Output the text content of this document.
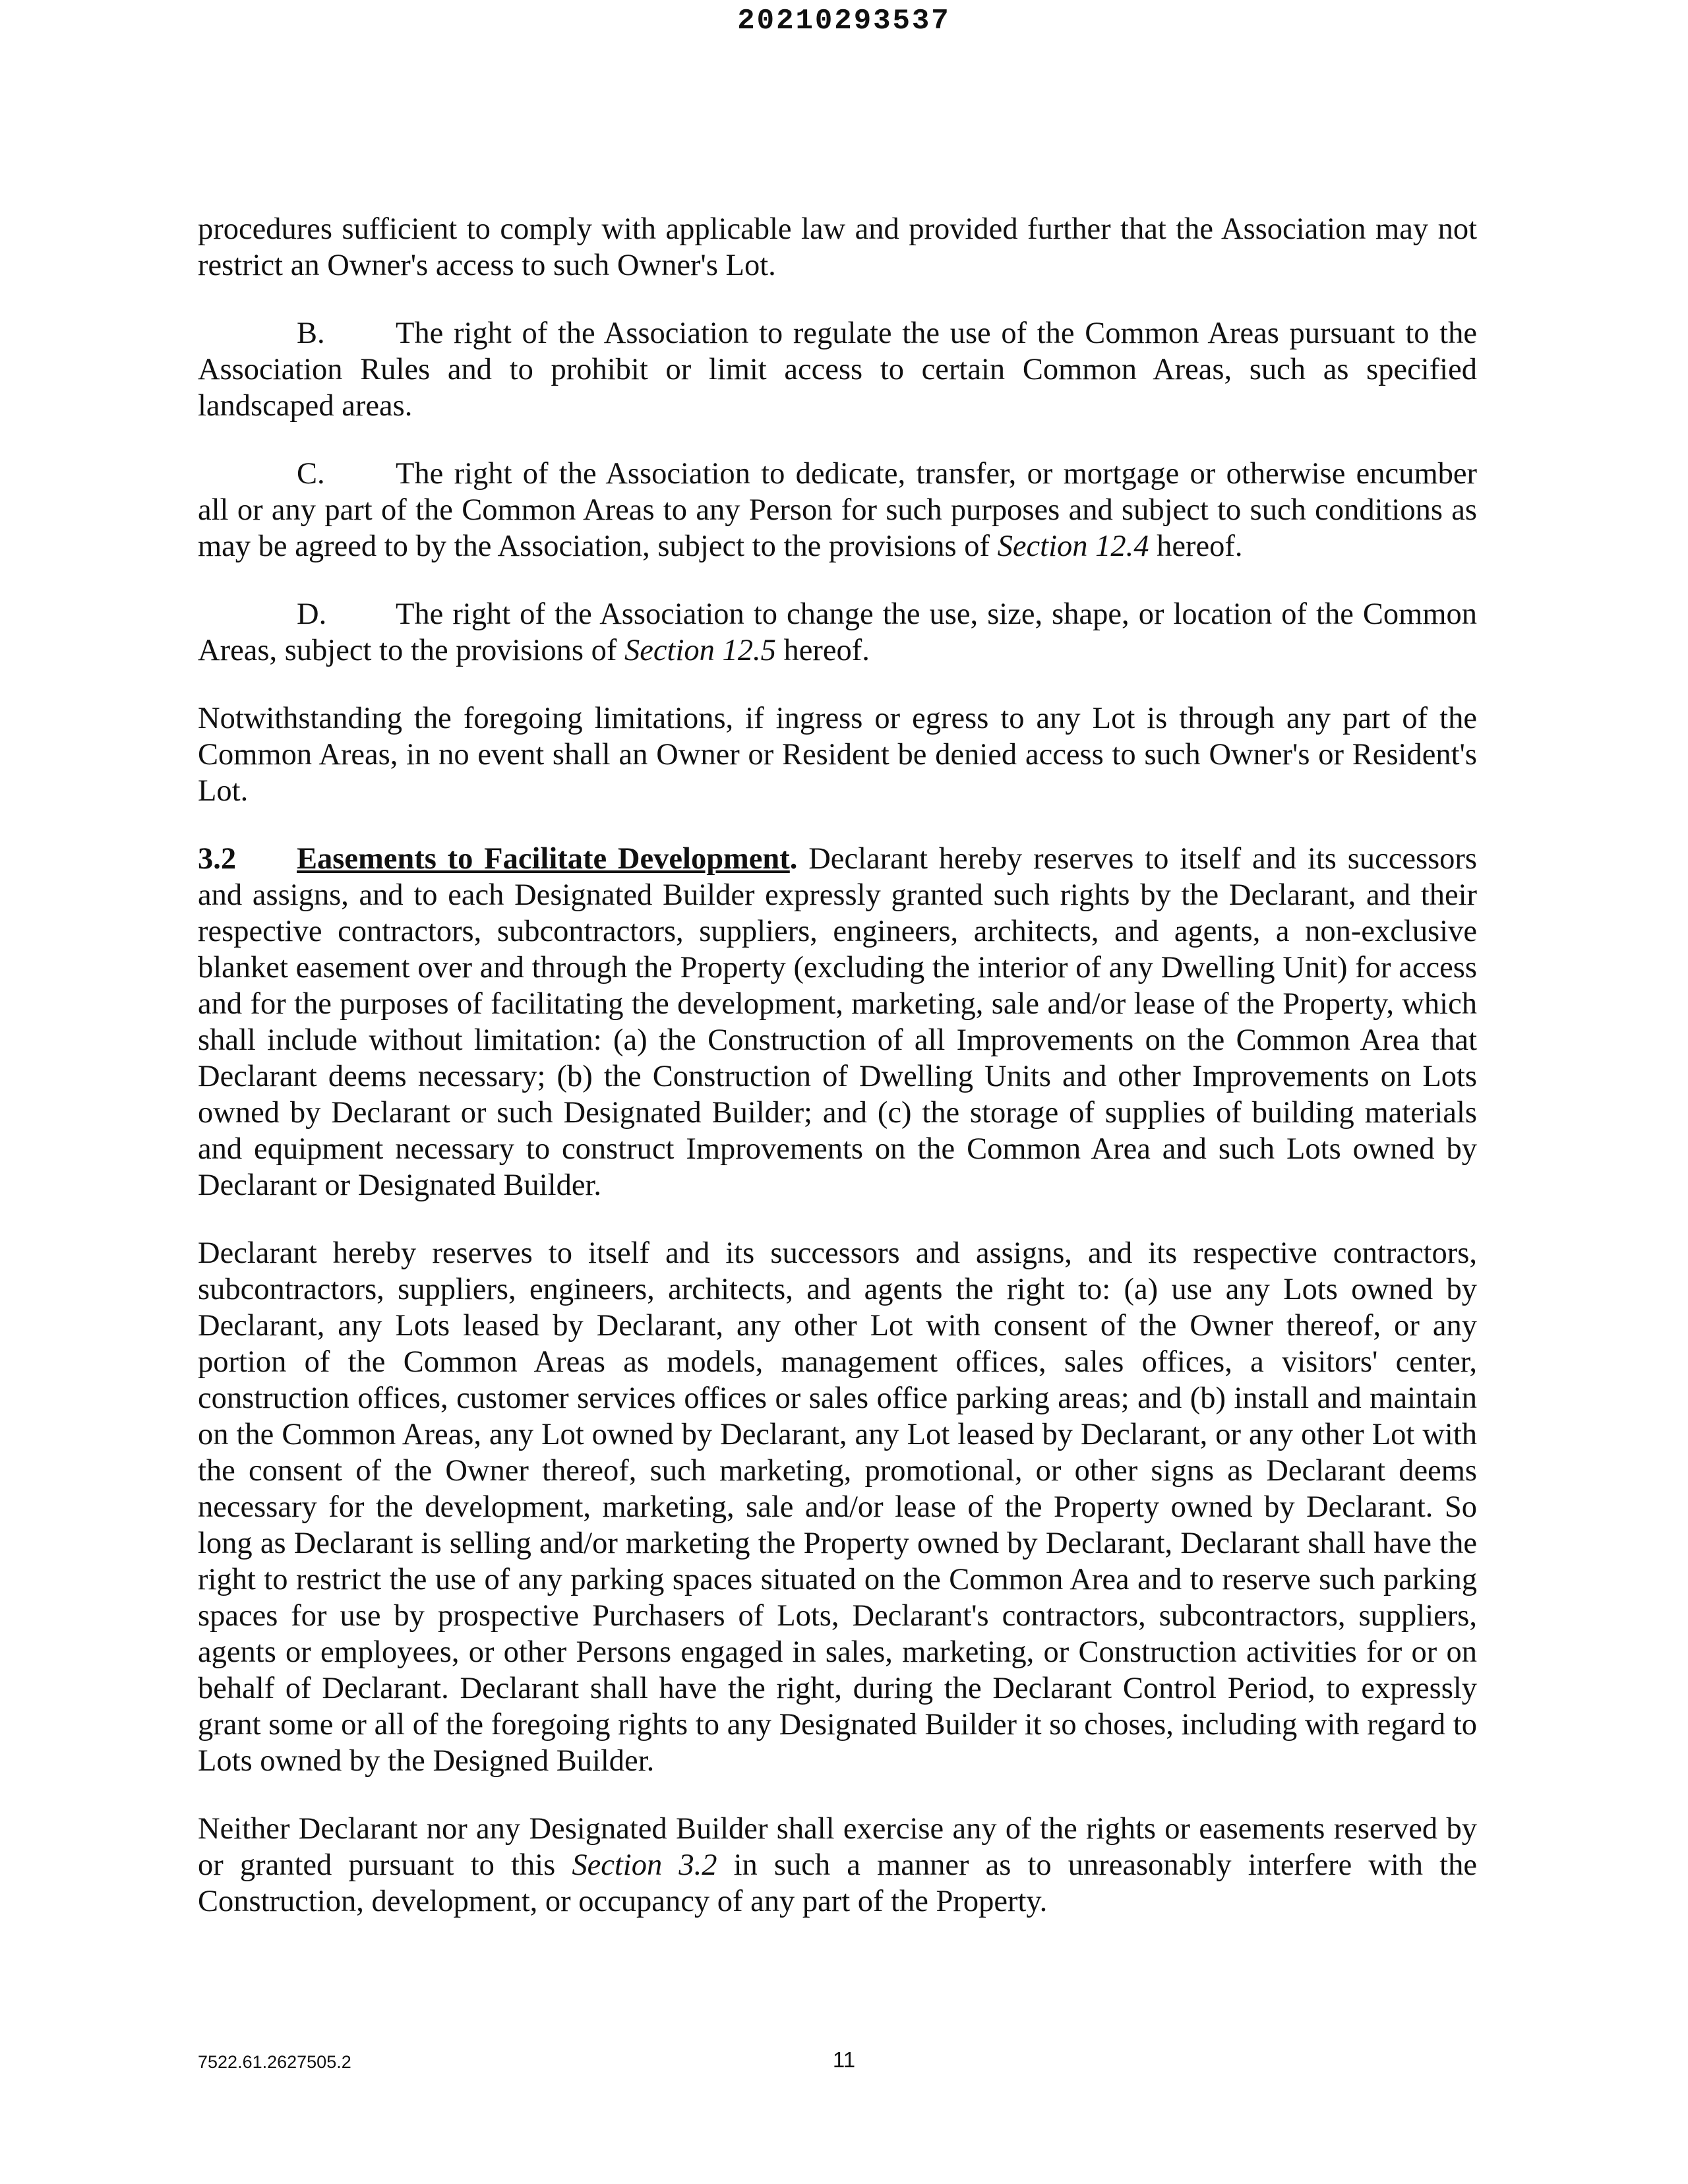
20210293537

procedures sufficient to comply with applicable law and provided further that the Association may not restrict an Owner's access to such Owner's Lot.

B. The right of the Association to regulate the use of the Common Areas pursuant to the Association Rules and to prohibit or limit access to certain Common Areas, such as specified landscaped areas.

C. The right of the Association to dedicate, transfer, or mortgage or otherwise encumber all or any part of the Common Areas to any Person for such purposes and subject to such conditions as may be agreed to by the Association, subject to the provisions of Section 12.4 hereof.

D. The right of the Association to change the use, size, shape, or location of the Common Areas, subject to the provisions of Section 12.5 hereof.

Notwithstanding the foregoing limitations, if ingress or egress to any Lot is through any part of the Common Areas, in no event shall an Owner or Resident be denied access to such Owner's or Resident's Lot.

3.2 Easements to Facilitate Development. Declarant hereby reserves to itself and its successors and assigns, and to each Designated Builder expressly granted such rights by the Declarant, and their respective contractors, subcontractors, suppliers, engineers, architects, and agents, a non-exclusive blanket easement over and through the Property (excluding the interior of any Dwelling Unit) for access and for the purposes of facilitating the development, marketing, sale and/or lease of the Property, which shall include without limitation: (a) the Construction of all Improvements on the Common Area that Declarant deems necessary; (b) the Construction of Dwelling Units and other Improvements on Lots owned by Declarant or such Designated Builder; and (c) the storage of supplies of building materials and equipment necessary to construct Improvements on the Common Area and such Lots owned by Declarant or Designated Builder.

Declarant hereby reserves to itself and its successors and assigns, and its respective contractors, subcontractors, suppliers, engineers, architects, and agents the right to: (a) use any Lots owned by Declarant, any Lots leased by Declarant, any other Lot with consent of the Owner thereof, or any portion of the Common Areas as models, management offices, sales offices, a visitors' center, construction offices, customer services offices or sales office parking areas; and (b) install and maintain on the Common Areas, any Lot owned by Declarant, any Lot leased by Declarant, or any other Lot with the consent of the Owner thereof, such marketing, promotional, or other signs as Declarant deems necessary for the development, marketing, sale and/or lease of the Property owned by Declarant. So long as Declarant is selling and/or marketing the Property owned by Declarant, Declarant shall have the right to restrict the use of any parking spaces situated on the Common Area and to reserve such parking spaces for use by prospective Purchasers of Lots, Declarant's contractors, subcontractors, suppliers, agents or employees, or other Persons engaged in sales, marketing, or Construction activities for or on behalf of Declarant. Declarant shall have the right, during the Declarant Control Period, to expressly grant some or all of the foregoing rights to any Designated Builder it so choses, including with regard to Lots owned by the Designed Builder.

Neither Declarant nor any Designated Builder shall exercise any of the rights or easements reserved by or granted pursuant to this Section 3.2 in such a manner as to unreasonably interfere with the Construction, development, or occupancy of any part of the Property.

7522.61.2627505.2	11
